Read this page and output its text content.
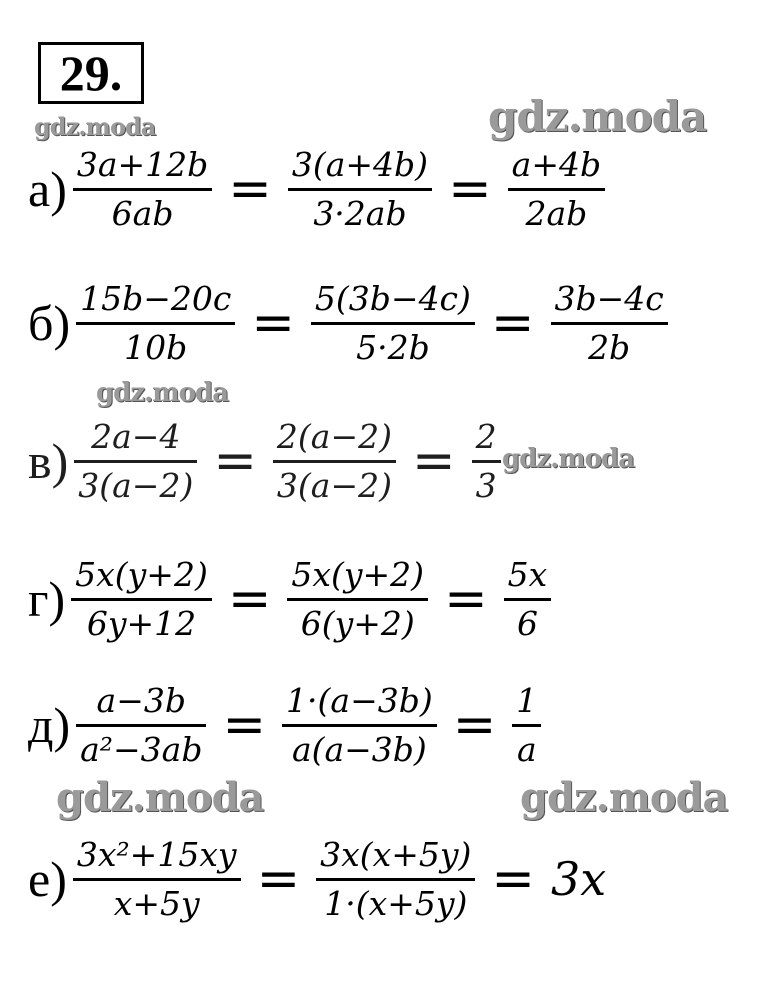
29.
gdz.moda	gdz.moda
gdz.moda
gdz.moda
gdz.moda	gdz.moda
$а) \frac{3a+12b}{6ab} = \frac{3(a+4b)}{3\cdot 2ab} = \frac{a+4b}{2ab}$
$б) \frac{15b-20c}{10b} = \frac{5(3b-4c)}{5\cdot 2b} = \frac{3b-4c}{2b}$
$в) \frac{2a-4}{3(a-2)} = \frac{2(a-2)}{3(a-2)} = \frac{2}{3}$
$г) \frac{5x(y+2)}{6y+12} = \frac{5x(y+2)}{6(y+2)} = \frac{5x}{6}$
$д) \frac{a-3b}{\text{a²−3ab}} = \frac{1\cdot(a-3b)}{a(a-3b)} = \frac{1}{a}$
$е) \frac{\text{3x²+15xy}}{x+5y} = \frac{3x(x+5y)}{1\cdot(x+5y)} = 3x$
